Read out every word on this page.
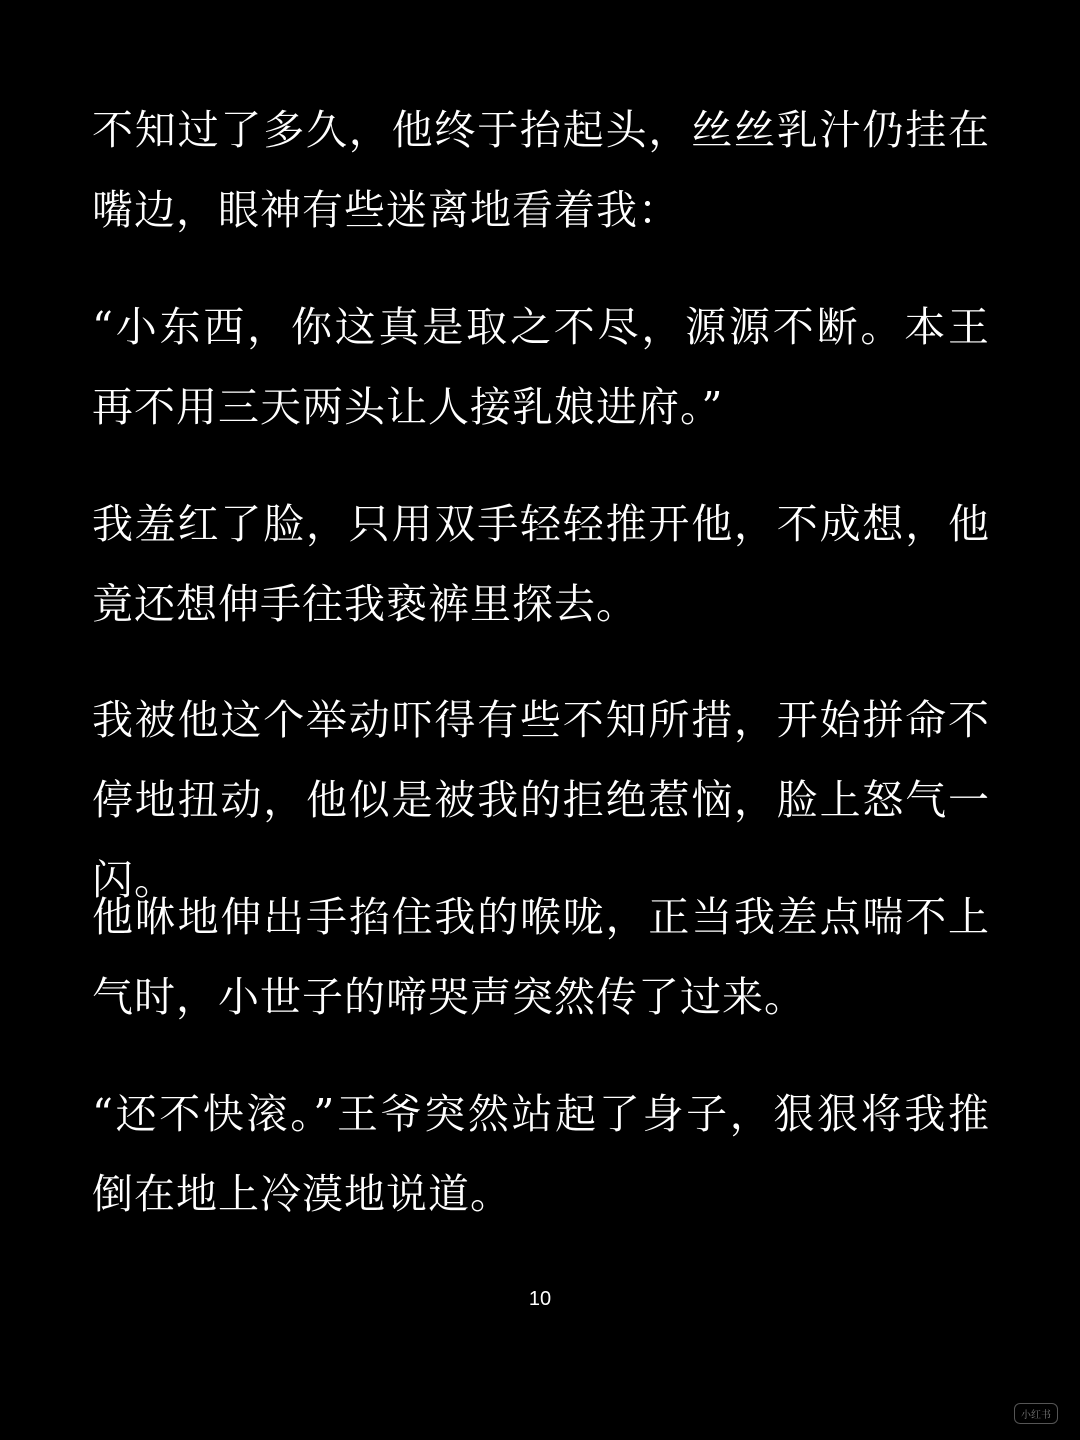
不知过了多久，他终于抬起头，丝丝乳汁仍挂在嘴边，眼神有些迷离地看着我：

“小东西，你这真是取之不尽，源源不断。本王再不用三天两头让人接乳娘进府。”

我羞红了脸，只用双手轻轻推开他，不成想，他竟还想伸手往我亵裤里探去。

我被他这个举动吓得有些不知所措，开始拼命不停地扭动，他似是被我的拒绝惹恼，脸上怒气一闪。

他咻地伸出手掐住我的喉咙，正当我差点喘不上气时，小世子的啼哭声突然传了过来。

“还不快滚。”王爷突然站起了身子，狠狠将我推倒在地上冷漠地说道。

10
小红书
